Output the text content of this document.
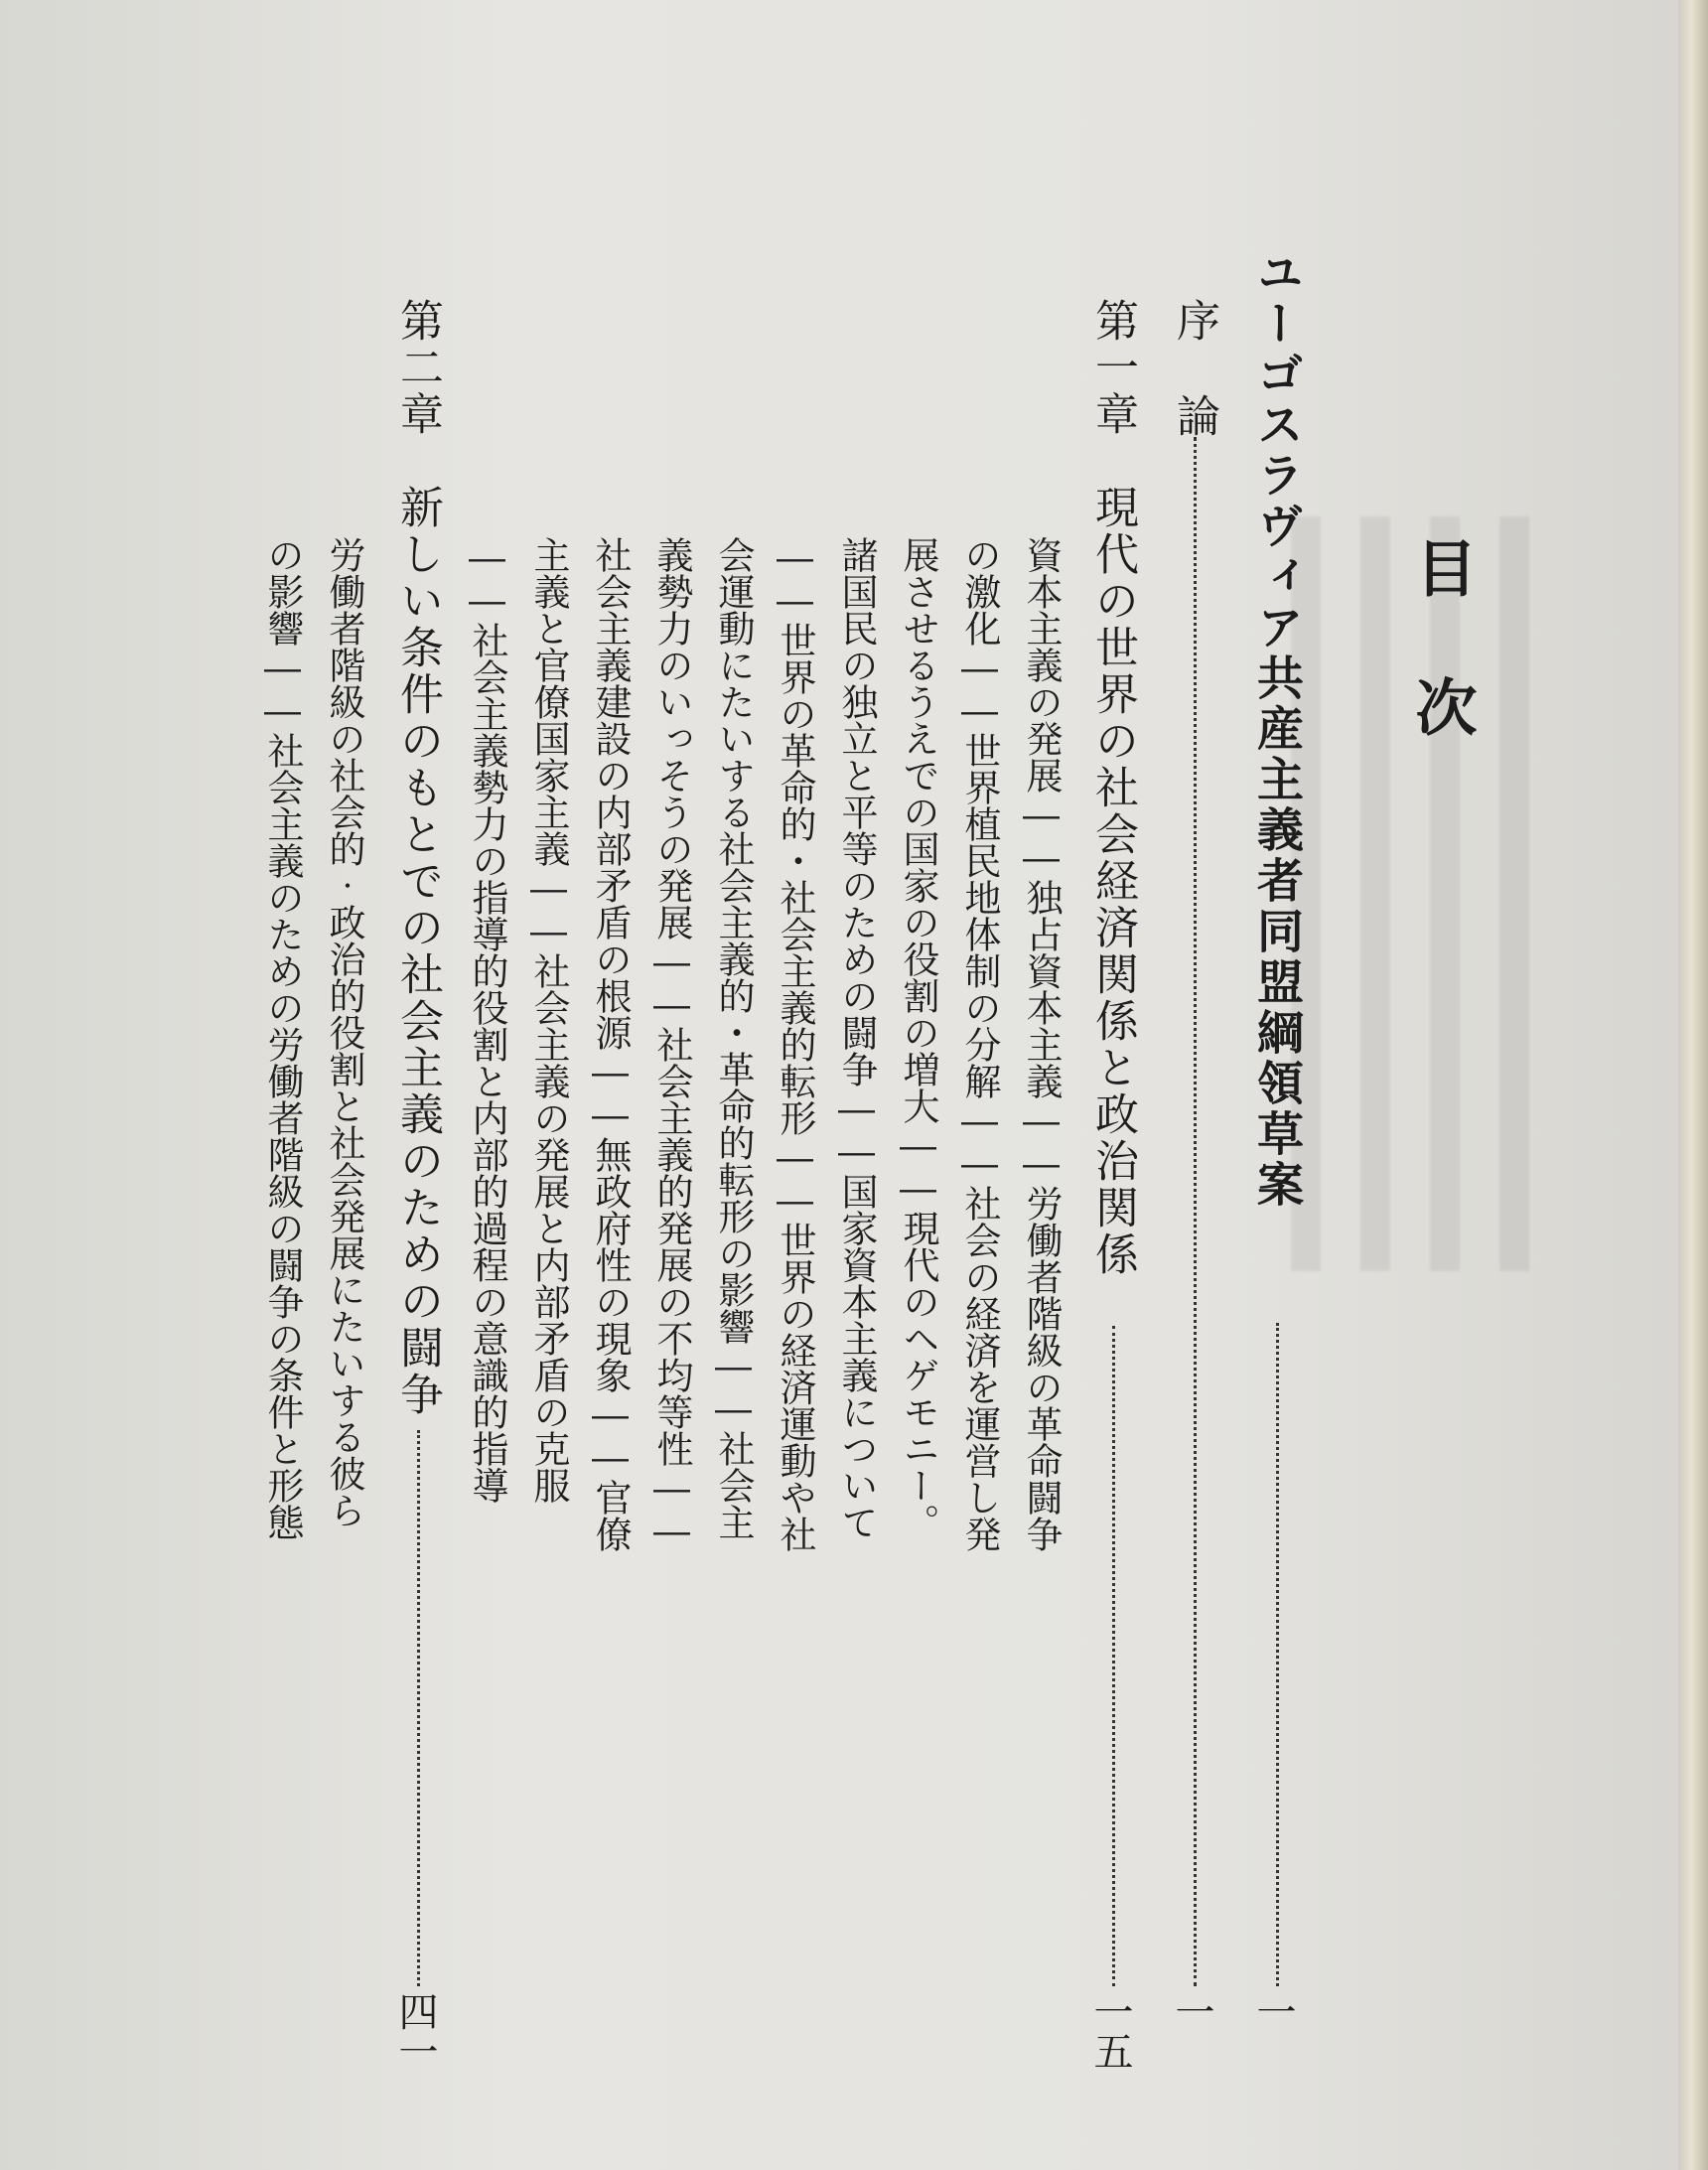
目　次
ユーゴスラヴィア共産主義者同盟綱領草案
一
序　論
一
第一章　現代の世界の社会経済関係と政治関係
一五
資本主義の発展――独占資本主義――労働者階級の革命闘争
の激化――世界植民地体制の分解――社会の経済を運営し発
展させるうえでの国家の役割の増大――現代のヘゲモニー。
諸国民の独立と平等のための闘争――国家資本主義について
――世界の革命的・社会主義的転形――世界の経済運動や社
会運動にたいする社会主義的・革命的転形の影響――社会主
義勢力のいっそうの発展――社会主義的発展の不均等性――
社会主義建設の内部矛盾の根源――無政府性の現象――官僚
主義と官僚国家主義――社会主義の発展と内部矛盾の克服
――社会主義勢力の指導的役割と内部的過程の意識的指導
第二章　新しい条件のもとでの社会主義のための闘争
四一
労働者階級の社会的‧政治的役割と社会発展にたいする彼ら
の影響――社会主義のための労働者階級の闘争の条件と形態
